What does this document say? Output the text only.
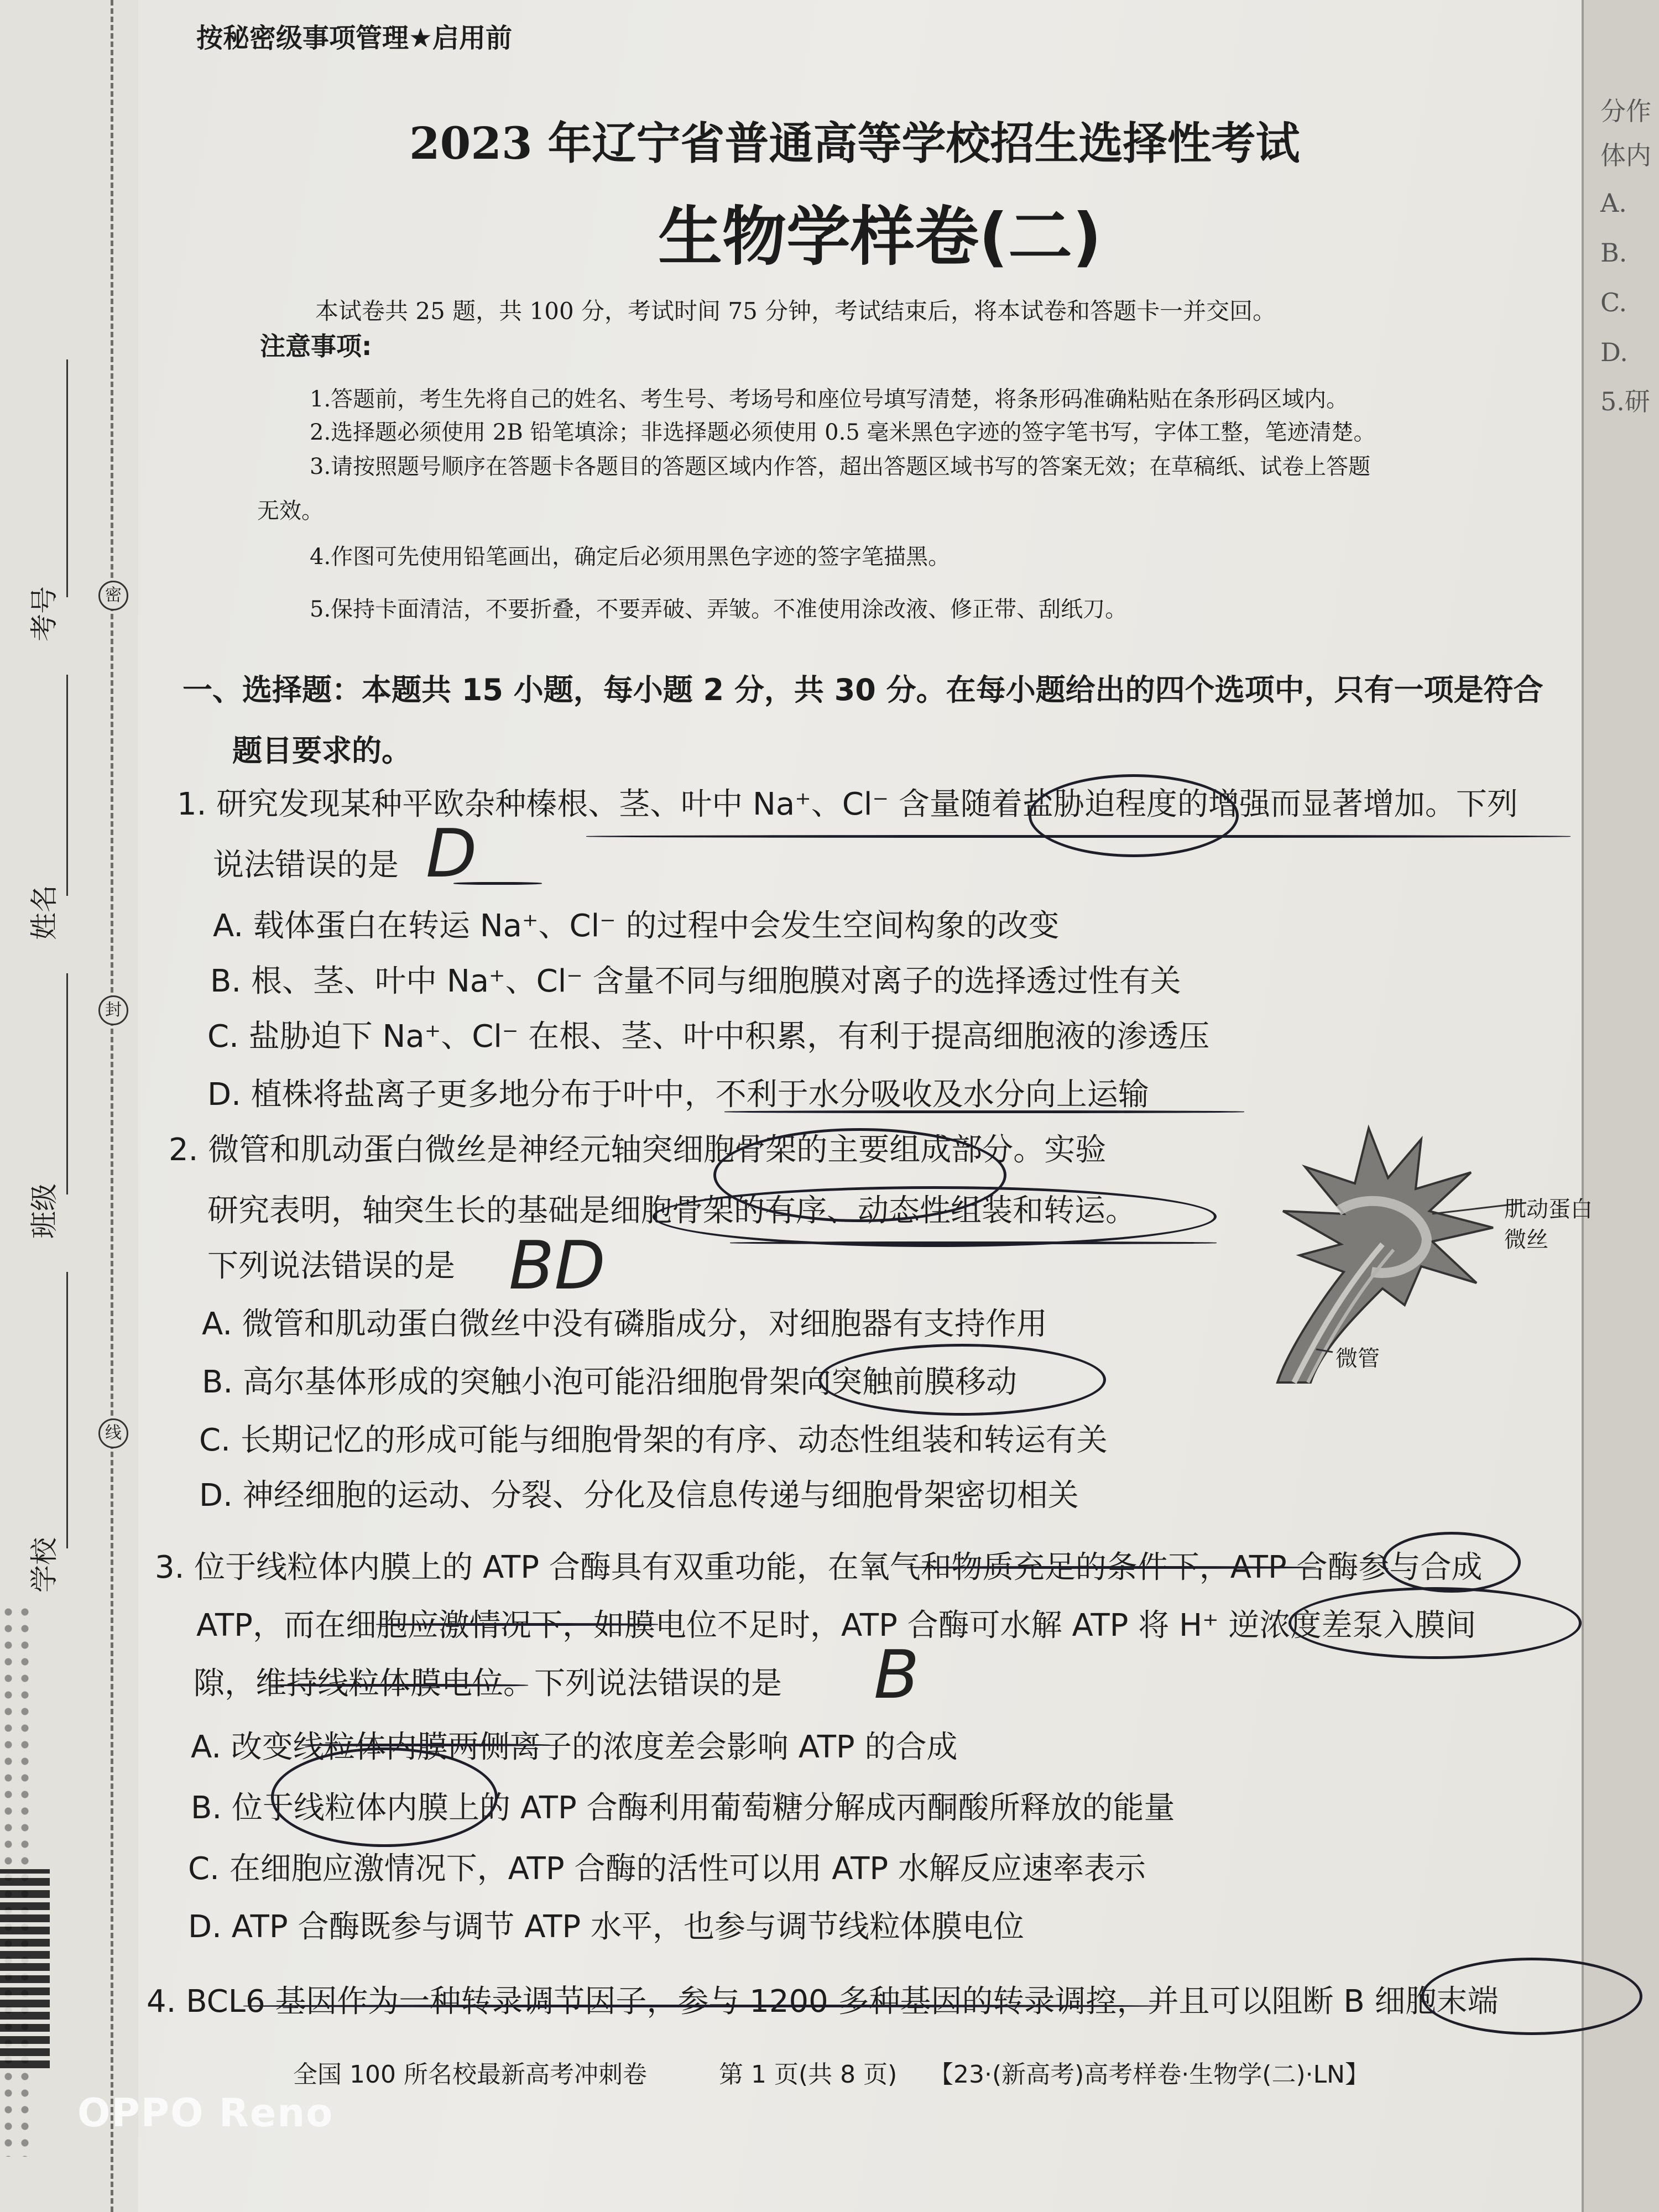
密
封
线
考号
姓名
班级
学校
分作
体内
A.
B.
C.
D.
5.研
按秘密级事项管理★启用前
2023 年辽宁省普通高等学校招生选择性考试
生物学样卷(二)
本试卷共 25 题，共 100 分，考试时间 75 分钟，考试结束后，将本试卷和答题卡一并交回。
注意事项:
1.答题前，考生先将自己的姓名、考生号、考场号和座位号填写清楚，将条形码准确粘贴在条形码区域内。
2.选择题必须使用 2B 铅笔填涂；非选择题必须使用 0.5 毫米黑色字迹的签字笔书写，字体工整，笔迹清楚。
3.请按照题号顺序在答题卡各题目的答题区域内作答，超出答题区域书写的答案无效；在草稿纸、试卷上答题
无效。
4.作图可先使用铅笔画出，确定后必须用黑色字迹的签字笔描黑。
5.保持卡面清洁，不要折叠，不要弄破、弄皱。不准使用涂改液、修正带、刮纸刀。
一、选择题：本题共 15 小题，每小题 2 分，共 30 分。在每小题给出的四个选项中，只有一项是符合
题目要求的。
1. 研究发现某种平欧杂种榛根、茎、叶中 Na⁺、Cl⁻ 含量随着盐胁迫程度的增强而显著增加。下列
说法错误的是 D
A. 载体蛋白在转运 Na⁺、Cl⁻ 的过程中会发生空间构象的改变
B. 根、茎、叶中 Na⁺、Cl⁻ 含量不同与细胞膜对离子的选择透过性有关
C. 盐胁迫下 Na⁺、Cl⁻ 在根、茎、叶中积累，有利于提高细胞液的渗透压
D. 植株将盐离子更多地分布于叶中，不利于水分吸收及水分向上运输
2. 微管和肌动蛋白微丝是神经元轴突细胞骨架的主要组成部分。实验
研究表明，轴突生长的基础是细胞骨架的有序、动态性组装和转运。
下列说法错误的是 BD
A. 微管和肌动蛋白微丝中没有磷脂成分，对细胞器有支持作用
B. 高尔基体形成的突触小泡可能沿细胞骨架向突触前膜移动
C. 长期记忆的形成可能与细胞骨架的有序、动态性组装和转运有关
D. 神经细胞的运动、分裂、分化及信息传递与细胞骨架密切相关
肌动蛋白
微丝
微管
3. 位于线粒体内膜上的 ATP 合酶具有双重功能，在氧气和物质充足的条件下，ATP 合酶参与合成
ATP，而在细胞应激情况下，如膜电位不足时，ATP 合酶可水解 ATP 将 H⁺ 逆浓度差泵入膜间
隙，维持线粒体膜电位。下列说法错误的是 B
A. 改变线粒体内膜两侧离子的浓度差会影响 ATP 的合成
B. 位于线粒体内膜上的 ATP 合酶利用葡萄糖分解成丙酮酸所释放的能量
C. 在细胞应激情况下，ATP 合酶的活性可以用 ATP 水解反应速率表示
D. ATP 合酶既参与调节 ATP 水平，也参与调节线粒体膜电位
4. BCL6 基因作为一种转录调节因子，参与 1200 多种基因的转录调控，并且可以阻断 B 细胞末端
全国 100 所名校最新高考冲刺卷	第 1 页(共 8 页) 【23·(新高考)高考样卷·生物学(二)·LN】
OPPO Reno
